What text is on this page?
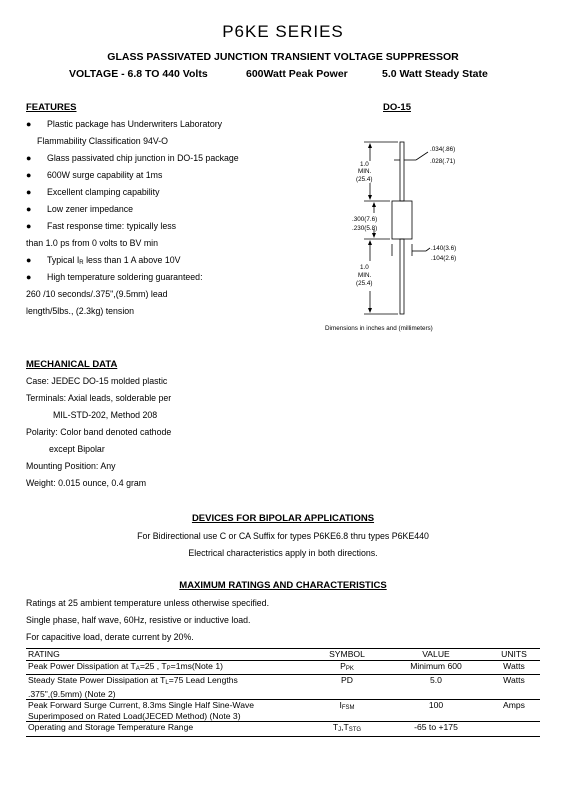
P6KE SERIES
GLASS PASSIVATED JUNCTION TRANSIENT VOLTAGE SUPPRESSOR
VOLTAGE - 6.8 TO 440 Volts	600Watt Peak Power	5.0 Watt Steady State
FEATURES
● Plastic package has Underwriters Laboratory
Flammability Classification 94V-O
● Glass passivated chip junction in DO-15 package
● 600W surge capability at 1ms
● Excellent clamping capability
● Low zener impedance
● Fast response time: typically less
than 1.0 ps from 0 volts to BV min
● Typical IR less than 1 A above 10V
● High temperature soldering guaranteed:
260 /10 seconds/.375",(9.5mm) lead
length/5lbs., (2.3kg) tension
DO-15
.034(.86)
.028(.71)
1.0
MIN.
(25.4)
.300(7.6)
.230(5.8)
.140(3.6)
.104(2.6)
1.0
MIN.
(25.4)
Dimensions in inches and (millimeters)
MECHANICAL DATA
Case: JEDEC DO-15 molded plastic
Terminals: Axial leads, solderable per
MIL-STD-202, Method 208
Polarity: Color band denoted cathode
except Bipolar
Mounting Position: Any
Weight: 0.015 ounce, 0.4 gram
DEVICES FOR BIPOLAR APPLICATIONS
For Bidirectional use C or CA Suffix for types P6KE6.8 thru types P6KE440
Electrical characteristics apply in both directions.
MAXIMUM RATINGS AND CHARACTERISTICS
Ratings at 25 ambient temperature unless otherwise specified.
Single phase, half wave, 60Hz, resistive or inductive load.
For capacitive load, derate current by 20%.
RATING	SYMBOL	VALUE	UNITS
Peak Power Dissipation at TA=25 , TP=1ms(Note 1)	PPK	Minimum 600	Watts
Steady State Power Dissipation at TL=75 Lead Lengths
.375",(9.5mm) (Note 2)	PD	5.0	Watts
Peak Forward Surge Current, 8.3ms Single Half Sine-Wave
Superimposed on Rated Load(JECED Method) (Note 3)	IFSM	100	Amps
Operating and Storage Temperature Range	TJ,TSTG	-65 to +175	
